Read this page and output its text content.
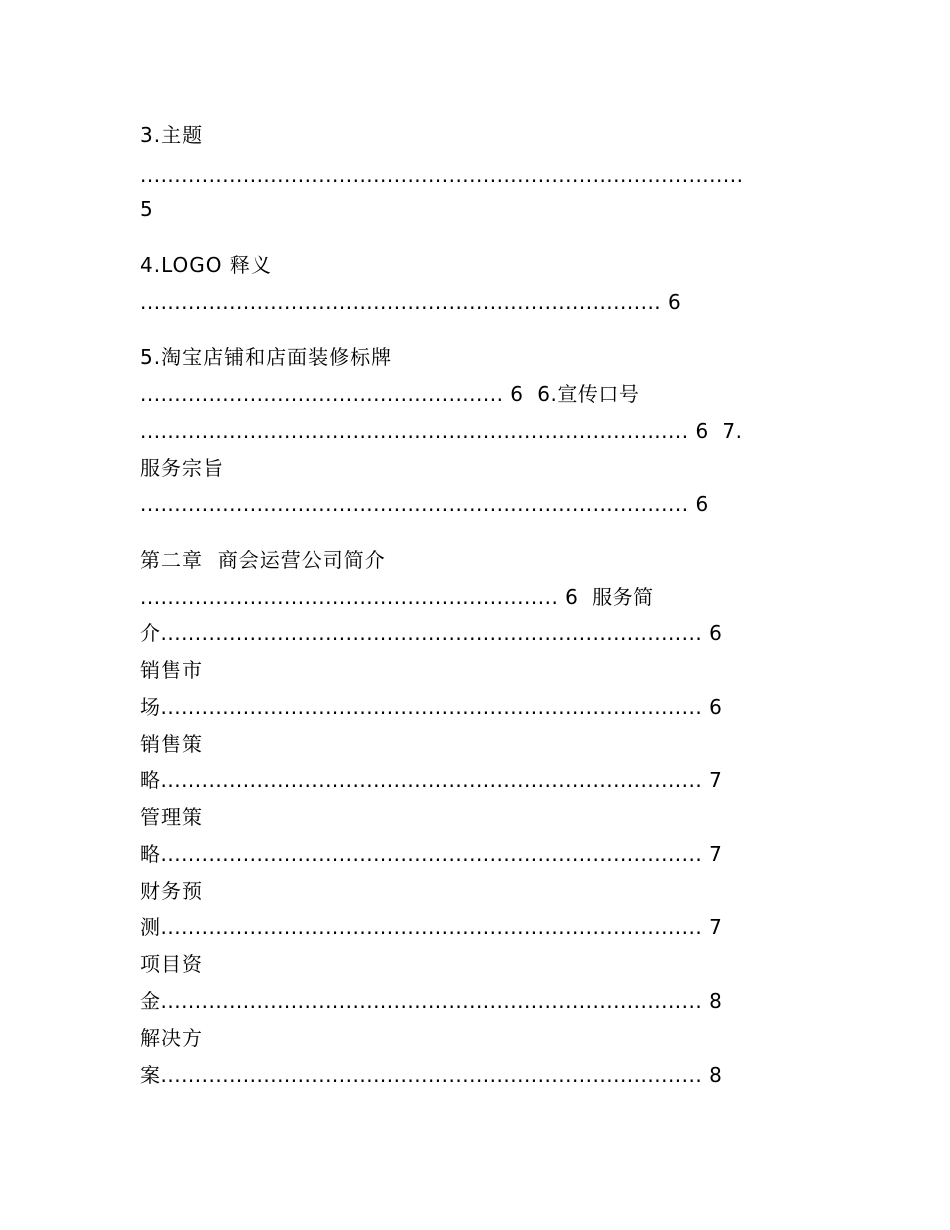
3.主题
........................................................................................
5
4.LOGO 释义
............................................................................ 6
5.淘宝店铺和店面装修标牌
..................................................... 6  6.宣传口号
................................................................................ 6  7.
服务宗旨
................................................................................ 6
第二章  商会运营公司简介
............................................................. 6  服务简
介............................................................................... 6
销售市
场............................................................................... 6
销售策
略............................................................................... 7
管理策
略............................................................................... 7
财务预
测............................................................................... 7
项目资
金............................................................................... 8
解决方
案............................................................................... 8
